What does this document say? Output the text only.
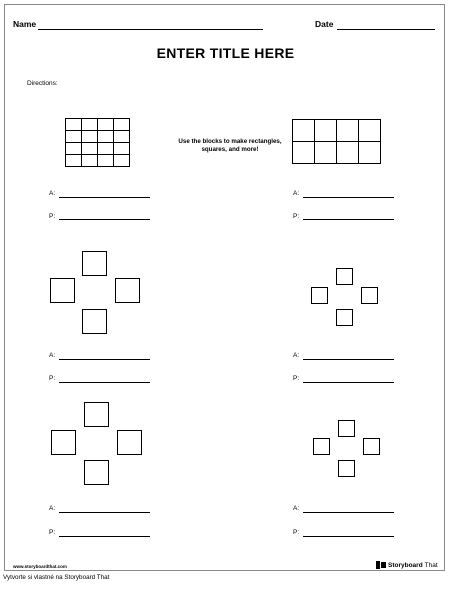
Name	Date
ENTER TITLE HERE
Directions:
Use the blocks to make rectangles, squares, and more!
A:	A:
P:	P:
A:	A:
P:	P:
A:	A:
P:	P:
www.storyboardthat.com	Storyboard That
Vytvorte si vlastné na Storyboard That
